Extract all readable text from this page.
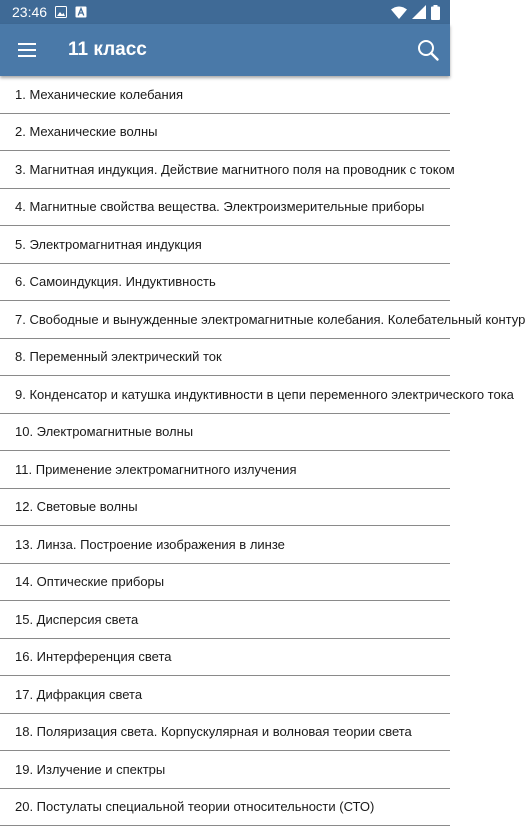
23:46
11 класс
1. Механические колебания
2. Механические волны
3. Магнитная индукция. Действие магнитного поля на проводник с током
4. Магнитные свойства вещества. Электроизмерительные приборы
5. Электромагнитная индукция
6. Самоиндукция. Индуктивность
7. Свободные и вынужденные электромагнитные колебания. Колебательный контур
8. Переменный электрический ток
9. Конденсатор и катушка индуктивности в цепи переменного электрического тока
10. Электромагнитные волны
11. Применение электромагнитного излучения
12. Световые волны
13. Линза. Построение изображения в линзе
14. Оптические приборы
15. Дисперсия света
16. Интерференция света
17. Дифракция света
18. Поляризация света. Корпускулярная и волновая теории света
19. Излучение и спектры
20. Постулаты специальной теории относительности (СТО)
